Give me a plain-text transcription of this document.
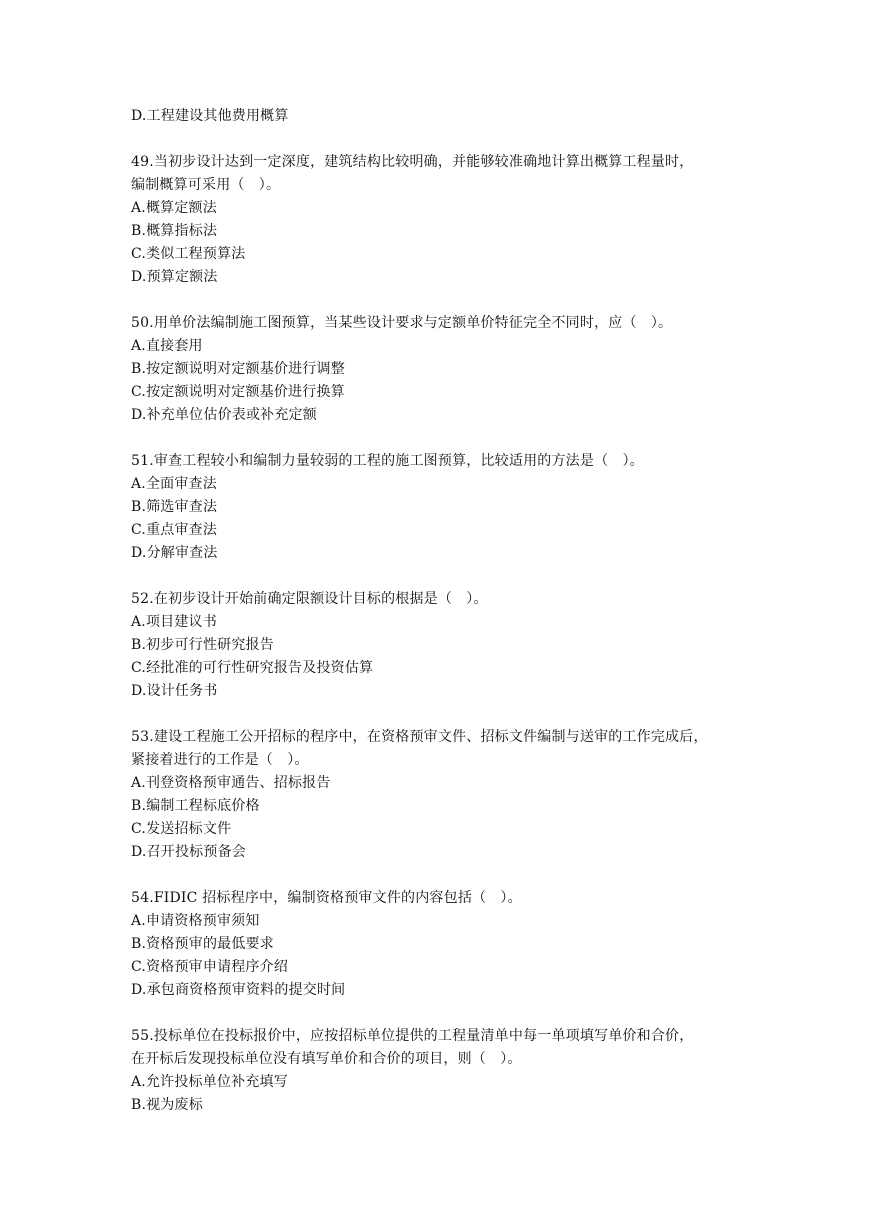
D.工程建设其他费用概算
49.当初步设计达到一定深度，建筑结构比较明确，并能够较准确地计算出概算工程量时，
编制概算可采用（　）。
A.概算定额法
B.概算指标法
C.类似工程预算法
D.预算定额法
50.用单价法编制施工图预算，当某些设计要求与定额单价特征完全不同时，应（　）。
A.直接套用
B.按定额说明对定额基价进行调整
C.按定额说明对定额基价进行换算
D.补充单位估价表或补充定额
51.审查工程较小和编制力量较弱的工程的施工图预算，比较适用的方法是（　）。
A.全面审查法
B.筛选审查法
C.重点审查法
D.分解审查法
52.在初步设计开始前确定限额设计目标的根据是（　）。
A.项目建议书
B.初步可行性研究报告
C.经批准的可行性研究报告及投资估算
D.设计任务书
53.建设工程施工公开招标的程序中，在资格预审文件、招标文件编制与送审的工作完成后，
紧接着进行的工作是（　）。
A.刊登资格预审通告、招标报告
B.编制工程标底价格
C.发送招标文件
D.召开投标预备会
54.FIDIC 招标程序中，编制资格预审文件的内容包括（　）。
A.申请资格预审须知
B.资格预审的最低要求
C.资格预审申请程序介绍
D.承包商资格预审资料的提交时间
55.投标单位在投标报价中，应按招标单位提供的工程量清单中每一单项填写单价和合价，
在开标后发现投标单位没有填写单价和合价的项目，则（　）。
A.允许投标单位补充填写
B.视为废标
